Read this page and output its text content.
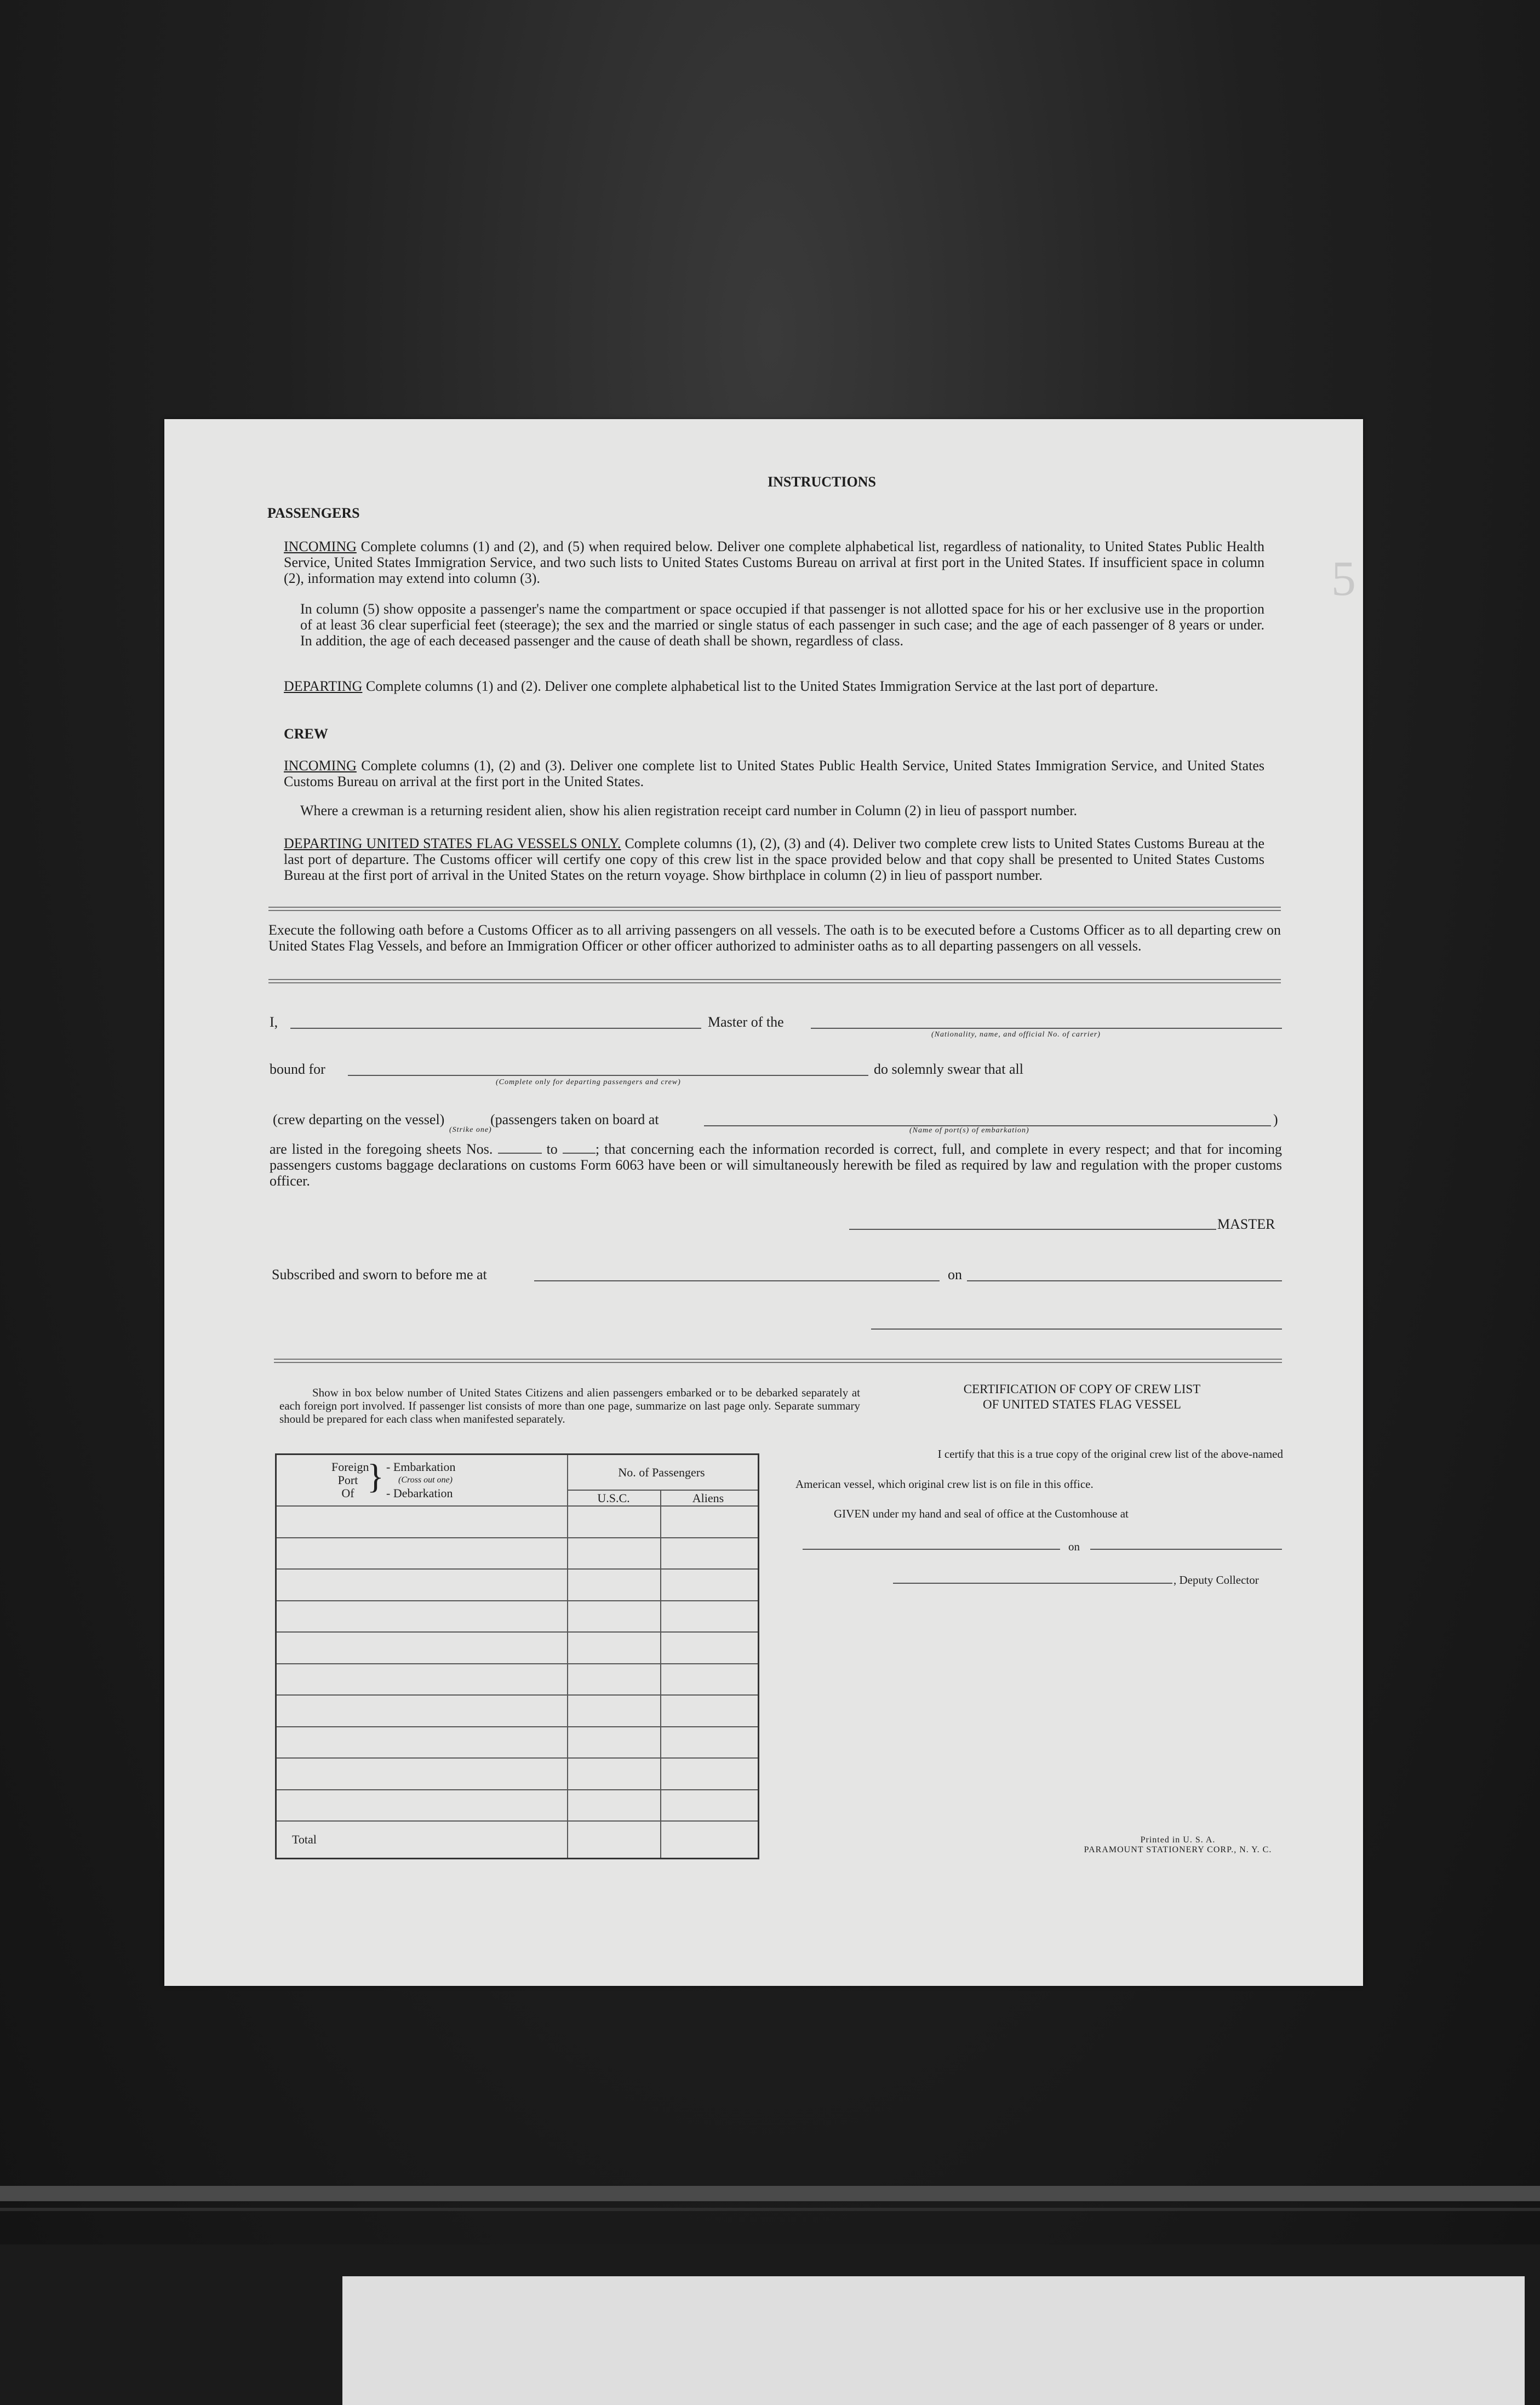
5
INSTRUCTIONS
PASSENGERS
INCOMING Complete columns (1) and (2), and (5) when required below. Deliver one complete alphabetical list, regardless of nationality, to United States Public Health Service, United States Immigration Service, and two such lists to United States Customs Bureau on arrival at first port in the United States. If insufficient space in column (2), information may extend into column (3).
In column (5) show opposite a passenger's name the compartment or space occupied if that passenger is not allotted space for his or her exclusive use in the proportion of at least 36 clear superficial feet (steerage); the sex and the married or single status of each passenger in such case; and the age of each passenger of 8 years or under. In addition, the age of each deceased passenger and the cause of death shall be shown, regardless of class.
DEPARTING Complete columns (1) and (2). Deliver one complete alphabetical list to the United States Immigration Service at the last port of departure.
CREW
INCOMING Complete columns (1), (2) and (3). Deliver one complete list to United States Public Health Service, United States Immigration Service, and United States Customs Bureau on arrival at the first port in the United States.
Where a crewman is a returning resident alien, show his alien registration receipt card number in Column (2) in lieu of passport number.
DEPARTING UNITED STATES FLAG VESSELS ONLY. Complete columns (1), (2), (3) and (4). Deliver two complete crew lists to United States Customs Bureau at the last port of departure. The Customs officer will certify one copy of this crew list in the space provided below and that copy shall be presented to United States Customs Bureau at the first port of arrival in the United States on the return voyage. Show birthplace in column (2) in lieu of passport number.
Execute the following oath before a Customs Officer as to all arriving passengers on all vessels. The oath is to be executed before a Customs Officer as to all departing crew on United States Flag Vessels, and before an Immigration Officer or other officer authorized to administer oaths as to all departing passengers on all vessels.
I,	Master of the
(Nationality, name, and official No. of carrier)
bound for
(Complete only for departing passengers and crew)
do solemnly swear that all
(crew departing on the vessel)	(passengers taken on board at	)
(Strike one)	(Name of port(s) of embarkation)
are listed in the foregoing sheets Nos.	to	; that concerning each the information recorded is correct, full, and complete in every respect; and that for incoming passengers customs baggage declarations on customs Form 6063 have been or will simultaneously herewith be filed as required by law and regulation with the proper customs officer.
MASTER
Subscribed and sworn to before me at	on
Show in box below number of United States Citizens and alien passengers embarked or to be debarked separately at each foreign port involved. If passenger list consists of more than one page, summarize on last page only. Separate summary should be prepared for each class when manifested separately.
CERTIFICATION OF COPY OF CREW LIST
OF UNITED STATES FLAG VESSEL
I certify that this is a true copy of the original crew list of the above-named
American vessel, which original crew list is on file in this office.
GIVEN under my hand and seal of office at the Customhouse at
on
, Deputy Collector
Printed in U. S. A.
PARAMOUNT STATIONERY CORP., N. Y. C.
Foreign
Port
Of } - Embarkation
(Cross out one)
- Debarkation
No. of Passengers
U.S.C.	Aliens
Total
